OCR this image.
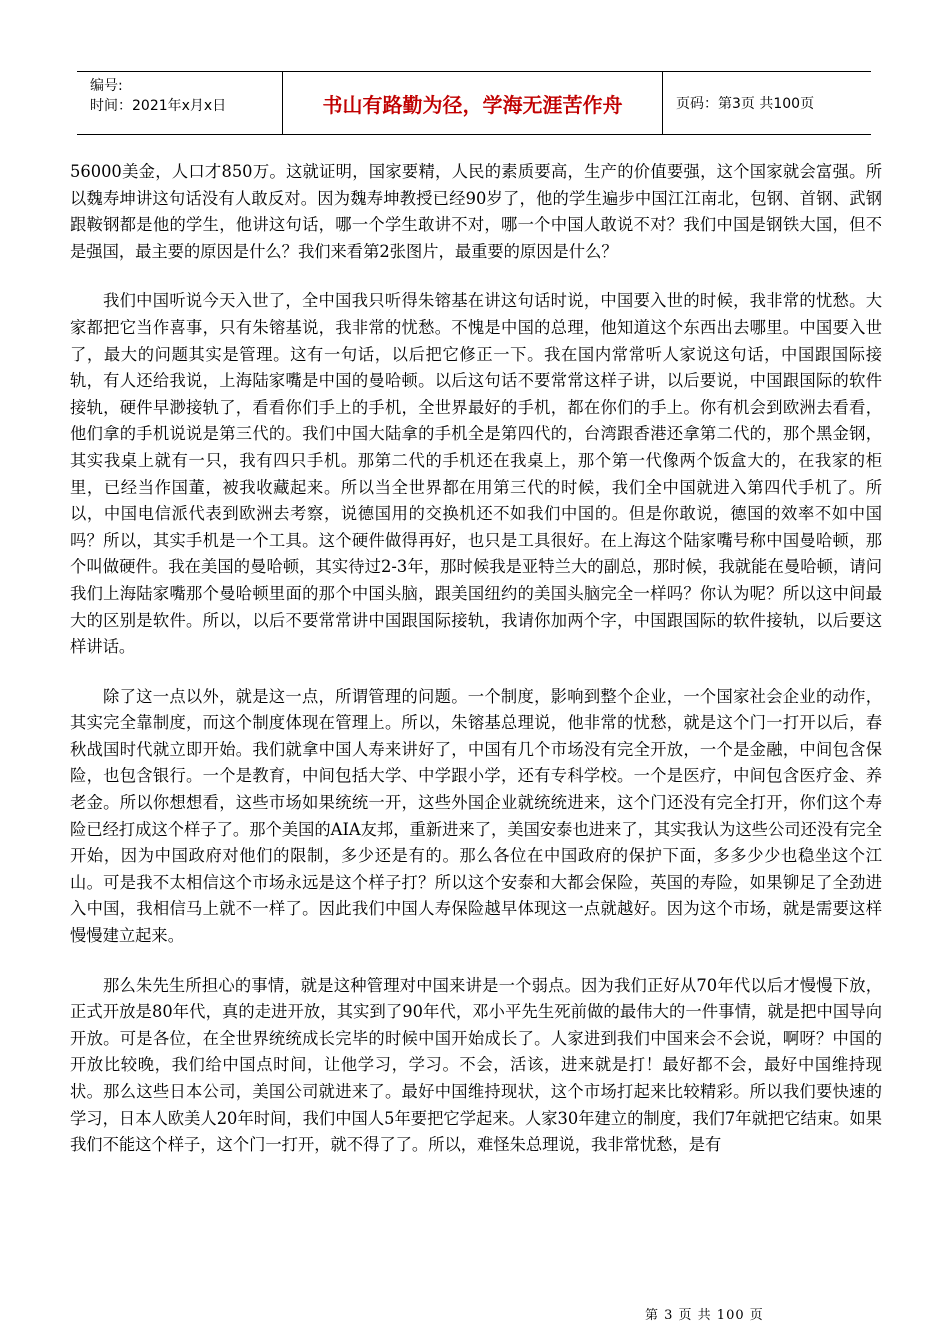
编号:
时间：2021年x月x日	书山有路勤为径，学海无涯苦作舟	页码：第3页 共100页

56000美金，人口才850万。这就证明，国家要精，人民的素质要高，生产的价值要强，这个国家就会富强。所以魏寿坤讲这句话没有人敢反对。因为魏寿坤教授已经90岁了，他的学生遍步中国江江南北，包钢、首钢、武钢跟鞍钢都是他的学生，他讲这句话，哪一个学生敢讲不对，哪一个中国人敢说不对？我们中国是钢铁大国，但不是强国，最主要的原因是什么？我们来看第2张图片，最重要的原因是什么？

我们中国听说今天入世了，全中国我只听得朱镕基在讲这句话时说，中国要入世的时候，我非常的忧愁。大家都把它当作喜事，只有朱镕基说，我非常的忧愁。不愧是中国的总理，他知道这个东西出去哪里。中国要入世了，最大的问题其实是管理。这有一句话，以后把它修正一下。我在国内常常听人家说这句话，中国跟国际接轨，有人还给我说，上海陆家嘴是中国的曼哈顿。以后这句话不要常常这样子讲，以后要说，中国跟国际的软件接轨，硬件早渺接轨了，看看你们手上的手机，全世界最好的手机，都在你们的手上。你有机会到欧洲去看看，他们拿的手机说说是第三代的。我们中国大陆拿的手机全是第四代的，台湾跟香港还拿第二代的，那个黑金钢，其实我桌上就有一只，我有四只手机。那第二代的手机还在我桌上，那个第一代像两个饭盒大的，在我家的柜里，已经当作国董，被我收藏起来。所以当全世界都在用第三代的时候，我们全中国就进入第四代手机了。所以，中国电信派代表到欧洲去考察，说德国用的交换机还不如我们中国的。但是你敢说，德国的效率不如中国吗？所以，其实手机是一个工具。这个硬件做得再好，也只是工具很好。在上海这个陆家嘴号称中国曼哈顿，那个叫做硬件。我在美国的曼哈顿，其实待过2-3年，那时候我是亚特兰大的副总，那时候，我就能在曼哈顿，请问我们上海陆家嘴那个曼哈顿里面的那个中国头脑，跟美国纽约的美国头脑完全一样吗？你认为呢？所以这中间最大的区别是软件。所以，以后不要常常讲中国跟国际接轨，我请你加两个字，中国跟国际的软件接轨，以后要这样讲话。

除了这一点以外，就是这一点，所谓管理的问题。一个制度，影响到整个企业，一个国家社会企业的动作，其实完全靠制度，而这个制度体现在管理上。所以，朱镕基总理说，他非常的忧愁，就是这个门一打开以后，春秋战国时代就立即开始。我们就拿中国人寿来讲好了，中国有几个市场没有完全开放，一个是金融，中间包含保险，也包含银行。一个是教育，中间包括大学、中学跟小学，还有专科学校。一个是医疗，中间包含医疗金、养老金。所以你想想看，这些市场如果统统一开，这些外国企业就统统进来，这个门还没有完全打开，你们这个寿险已经打成这个样子了。那个美国的AIA友邦，重新进来了，美国安泰也进来了，其实我认为这些公司还没有完全开始，因为中国政府对他们的限制，多少还是有的。那么各位在中国政府的保护下面，多多少少也稳坐这个江山。可是我不太相信这个市场永远是这个样子打？所以这个安泰和大都会保险，英国的寿险，如果铆足了全劲进入中国，我相信马上就不一样了。因此我们中国人寿保险越早体现这一点就越好。因为这个市场，就是需要这样慢慢建立起来。

那么朱先生所担心的事情，就是这种管理对中国来讲是一个弱点。因为我们正好从70年代以后才慢慢下放，正式开放是80年代，真的走进开放，其实到了90年代，邓小平先生死前做的最伟大的一件事情，就是把中国导向开放。可是各位，在全世界统统成长完毕的时候中国开始成长了。人家进到我们中国来会不会说，啊呀？中国的开放比较晚，我们给中国点时间，让他学习，学习。不会，活该，进来就是打！最好都不会，最好中国维持现状。那么这些日本公司，美国公司就进来了。最好中国维持现状，这个市场打起来比较精彩。所以我们要快速的学习，日本人欧美人20年时间，我们中国人5年要把它学起来。人家30年建立的制度，我们7年就把它结束。如果我们不能这个样子，这个门一打开，就不得了了。所以，难怪朱总理说，我非常忧愁，是有

第 3 页 共 100 页
